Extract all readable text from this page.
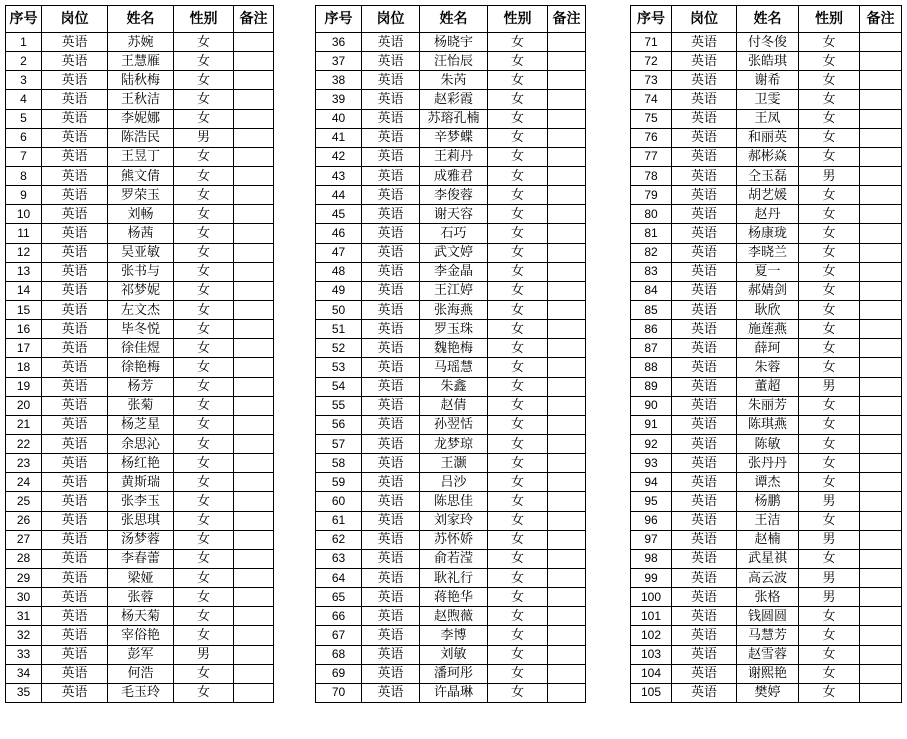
序号	岗位	姓名	性别	备注
1	英语	苏婉	女	
2	英语	王慧雁	女	
3	英语	陆秋梅	女	
4	英语	王秋洁	女	
5	英语	李妮娜	女	
6	英语	陈浩民	男	
7	英语	王昱丁	女	
8	英语	熊文倩	女	
9	英语	罗荣玉	女	
10	英语	刘畅	女	
11	英语	杨茜	女	
12	英语	吴亚敏	女	
13	英语	张书与	女	
14	英语	祁梦妮	女	
15	英语	左文杰	女	
16	英语	毕冬悦	女	
17	英语	徐佳煜	女	
18	英语	徐艳梅	女	
19	英语	杨芳	女	
20	英语	张菊	女	
21	英语	杨芝星	女	
22	英语	余思沁	女	
23	英语	杨红艳	女	
24	英语	黄斯瑞	女	
25	英语	张李玉	女	
26	英语	张思琪	女	
27	英语	汤梦蓉	女	
28	英语	李春蕾	女	
29	英语	梁娅	女	
30	英语	张蓉	女	
31	英语	杨天菊	女	
32	英语	宰俗艳	女	
33	英语	彭军	男	
34	英语	何浩	女	
35	英语	毛玉玲	女	
序号	岗位	姓名	性别	备注
36	英语	杨晓宇	女	
37	英语	汪怡辰	女	
38	英语	朱芮	女	
39	英语	赵彩霞	女	
40	英语	苏瑢孔楠	女	
41	英语	辛梦蝶	女	
42	英语	王莉丹	女	
43	英语	成雅君	女	
44	英语	李俊蓉	女	
45	英语	谢天容	女	
46	英语	石巧	女	
47	英语	武文婷	女	
48	英语	李金晶	女	
49	英语	王江婷	女	
50	英语	张海燕	女	
51	英语	罗玉珠	女	
52	英语	魏艳梅	女	
53	英语	马瑶慧	女	
54	英语	朱鑫	女	
55	英语	赵倩	女	
56	英语	孙翌恬	女	
57	英语	龙梦琼	女	
58	英语	王灏	女	
59	英语	吕沙	女	
60	英语	陈思佳	女	
61	英语	刘家玲	女	
62	英语	苏怀娇	女	
63	英语	俞若滢	女	
64	英语	耿礼行	女	
65	英语	蒋艳华	女	
66	英语	赵煦薇	女	
67	英语	李博	女	
68	英语	刘敏	女	
69	英语	潘珂彤	女	
70	英语	许晶琳	女	
序号	岗位	姓名	性别	备注
71	英语	付冬俊	女	
72	英语	张皓琪	女	
73	英语	谢希	女	
74	英语	卫雯	女	
75	英语	王凤	女	
76	英语	和丽英	女	
77	英语	郝彬焱	女	
78	英语	仝玉磊	男	
79	英语	胡艺媛	女	
80	英语	赵丹	女	
81	英语	杨康珑	女	
82	英语	李晓兰	女	
83	英语	夏一	女	
84	英语	郝婧剑	女	
85	英语	耿欣	女	
86	英语	施莲燕	女	
87	英语	薛珂	女	
88	英语	朱蓉	女	
89	英语	董超	男	
90	英语	朱丽芳	女	
91	英语	陈琪燕	女	
92	英语	陈敏	女	
93	英语	张丹丹	女	
94	英语	谭杰	女	
95	英语	杨鹏	男	
96	英语	王洁	女	
97	英语	赵楠	男	
98	英语	武星祺	女	
99	英语	高云波	男	
100	英语	张格	男	
101	英语	钱圆圆	女	
102	英语	马慧芳	女	
103	英语	赵雪蓉	女	
104	英语	谢熙艳	女	
105	英语	樊婷	女	
